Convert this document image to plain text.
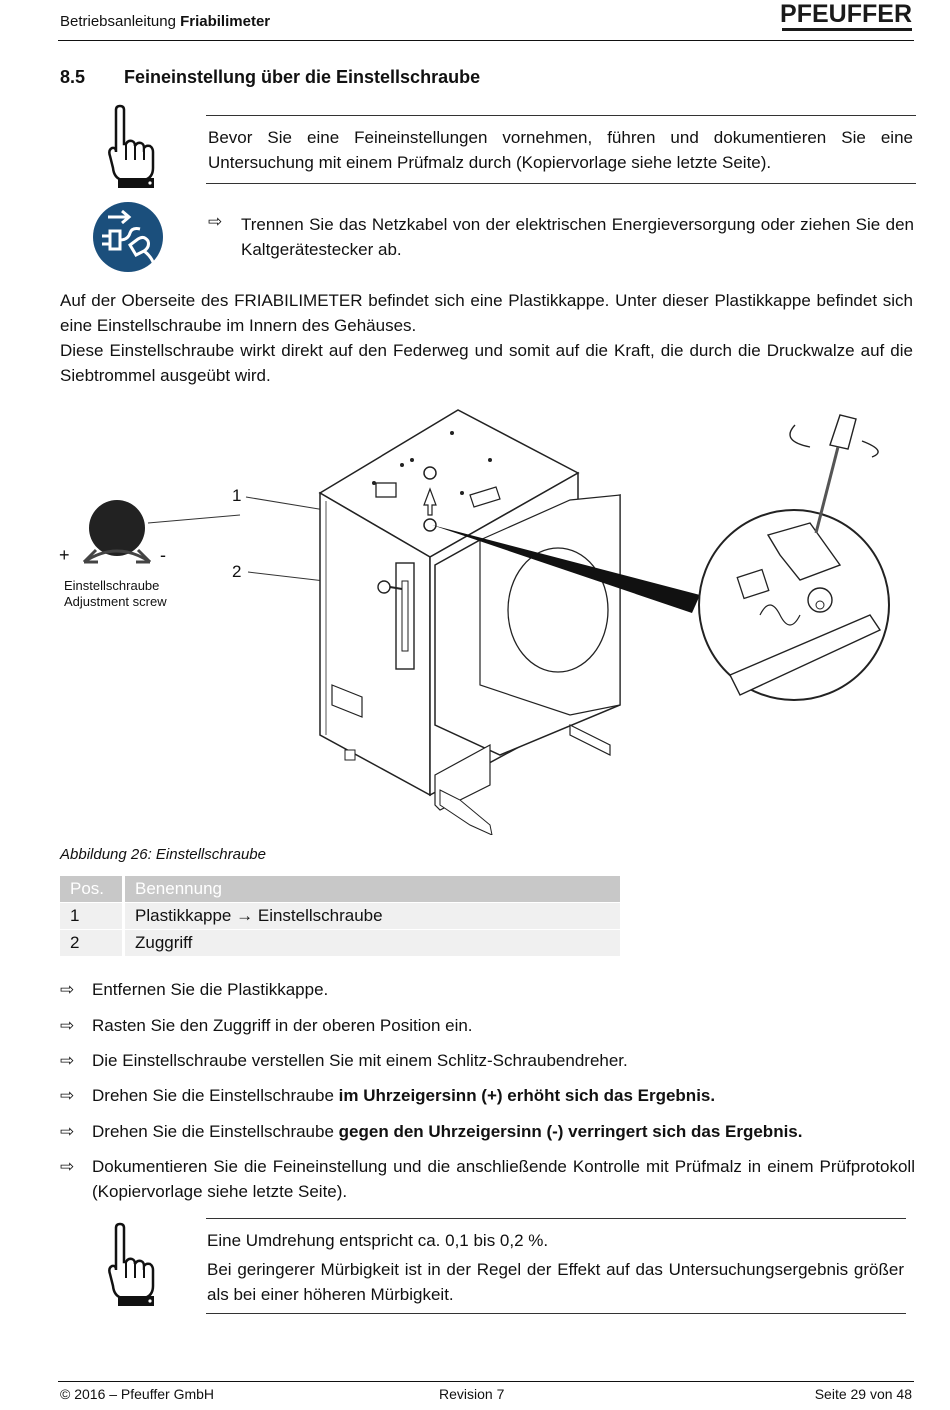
Betriebsanleitung Friabilimeter	PFEUFFER
8.5 Feineinstellung über die Einstellschraube
Bevor Sie eine Feineinstellungen vornehmen, führen und dokumentieren Sie eine Untersuchung mit einem Prüfmalz durch (Kopiervorlage siehe letzte Seite).
⇨ Trennen Sie das Netzkabel von der elektrischen Energieversorgung oder ziehen Sie den Kaltgerätestecker ab.
Auf der Oberseite des FRIABILIMETER befindet sich eine Plastikkappe. Unter dieser Plastikkappe befindet sich eine Einstellschraube im Innern des Gehäuses.
Diese Einstellschraube wirkt direkt auf den Federweg und somit auf die Kraft, die durch die Druckwalze auf die Siebtrommel ausgeübt wird.
+	-
Einstellschraube
Adjustment screw
1
2
Abbildung 26: Einstellschraube
Pos.	Benennung
1	Plastikkappe → Einstellschraube
2	Zuggriff
⇨ Entfernen Sie die Plastikkappe.
⇨ Rasten Sie den Zuggriff in der oberen Position ein.
⇨ Die Einstellschraube verstellen Sie mit einem Schlitz-Schraubendreher.
⇨ Drehen Sie die Einstellschraube im Uhrzeigersinn (+) erhöht sich das Ergebnis.
⇨ Drehen Sie die Einstellschraube gegen den Uhrzeigersinn (-) verringert sich das Ergebnis.
⇨ Dokumentieren Sie die Feineinstellung und die anschließende Kontrolle mit Prüfmalz in einem Prüfprotokoll (Kopiervorlage siehe letzte Seite).
Eine Umdrehung entspricht ca. 0,1 bis 0,2 %.
Bei geringerer Mürbigkeit ist in der Regel der Effekt auf das Untersuchungsergebnis größer als bei einer höheren Mürbigkeit.
© 2016 – Pfeuffer GmbH	Revision 7	Seite 29 von 48
